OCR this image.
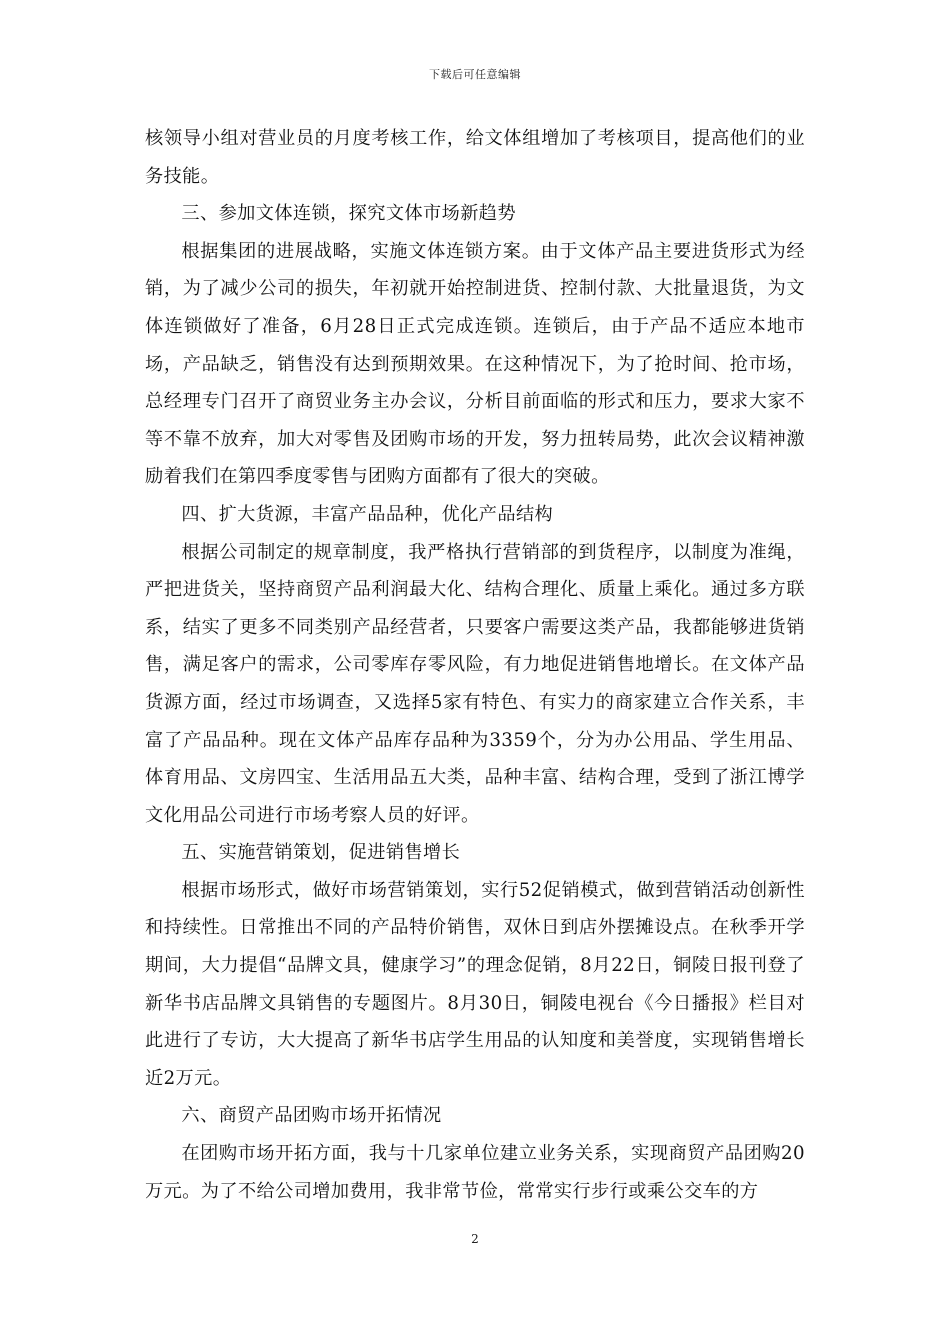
下载后可任意编辑

核领导小组对营业员的月度考核工作，给文体组增加了考核项目，提高他们的业务技能。

三、参加文体连锁，探究文体市场新趋势

根据集团的进展战略，实施文体连锁方案。由于文体产品主要进货形式为经销，为了减少公司的损失，年初就开始控制进货、控制付款、大批量退货，为文体连锁做好了准备，6月28日正式完成连锁。连锁后，由于产品不适应本地市场，产品缺乏，销售没有达到预期效果。在这种情况下，为了抢时间、抢市场，总经理专门召开了商贸业务主办会议，分析目前面临的形式和压力，要求大家不等不靠不放弃，加大对零售及团购市场的开发，努力扭转局势，此次会议精神激励着我们在第四季度零售与团购方面都有了很大的突破。

四、扩大货源，丰富产品品种，优化产品结构

根据公司制定的规章制度，我严格执行营销部的到货程序，以制度为准绳，严把进货关，坚持商贸产品利润最大化、结构合理化、质量上乘化。通过多方联系，结实了更多不同类别产品经营者，只要客户需要这类产品，我都能够进货销售，满足客户的需求，公司零库存零风险，有力地促进销售地增长。在文体产品货源方面，经过市场调查，又选择5家有特色、有实力的商家建立合作关系，丰富了产品品种。现在文体产品库存品种为3359个，分为办公用品、学生用品、体育用品、文房四宝、生活用品五大类，品种丰富、结构合理，受到了浙江博学文化用品公司进行市场考察人员的好评。

五、实施营销策划，促进销售增长

根据市场形式，做好市场营销策划，实行52促销模式，做到营销活动创新性和持续性。日常推出不同的产品特价销售，双休日到店外摆摊设点。在秋季开学期间，大力提倡“品牌文具，健康学习”的理念促销，8月22日，铜陵日报刊登了新华书店品牌文具销售的专题图片。8月30日，铜陵电视台《今日播报》栏目对此进行了专访，大大提高了新华书店学生用品的认知度和美誉度，实现销售增长近2万元。

六、商贸产品团购市场开拓情况

在团购市场开拓方面，我与十几家单位建立业务关系，实现商贸产品团购20万元。为了不给公司增加费用，我非常节俭，常常实行步行或乘公交车的方

2
